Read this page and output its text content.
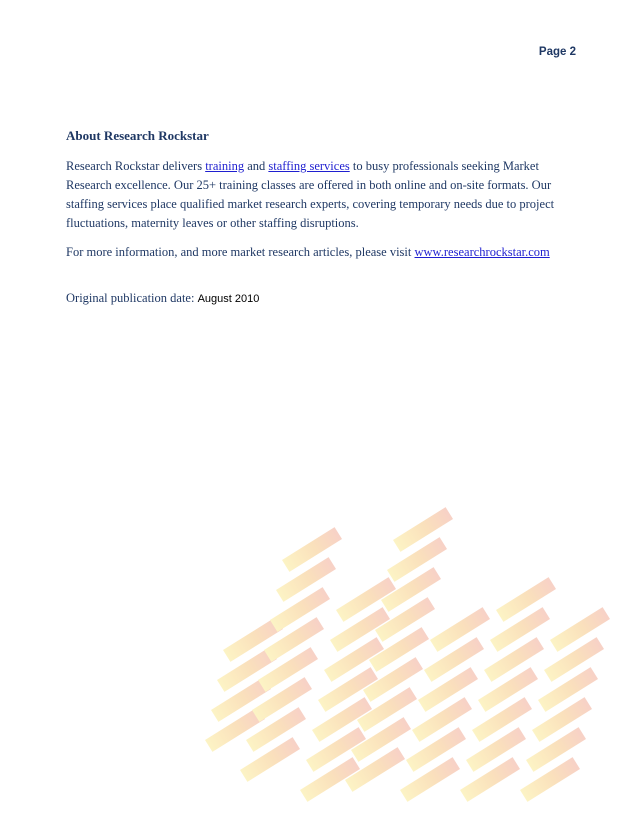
Page 2
About Research Rockstar

Research Rockstar delivers training and staffing services to busy professionals seeking Market Research excellence. Our 25+ training classes are offered in both online and on-site formats. Our staffing services place qualified market research experts, covering temporary needs due to project fluctuations, maternity leaves or other staffing disruptions.

For more information, and more market research articles, please visit www.researchrockstar.com

Original publication date: August 2010
